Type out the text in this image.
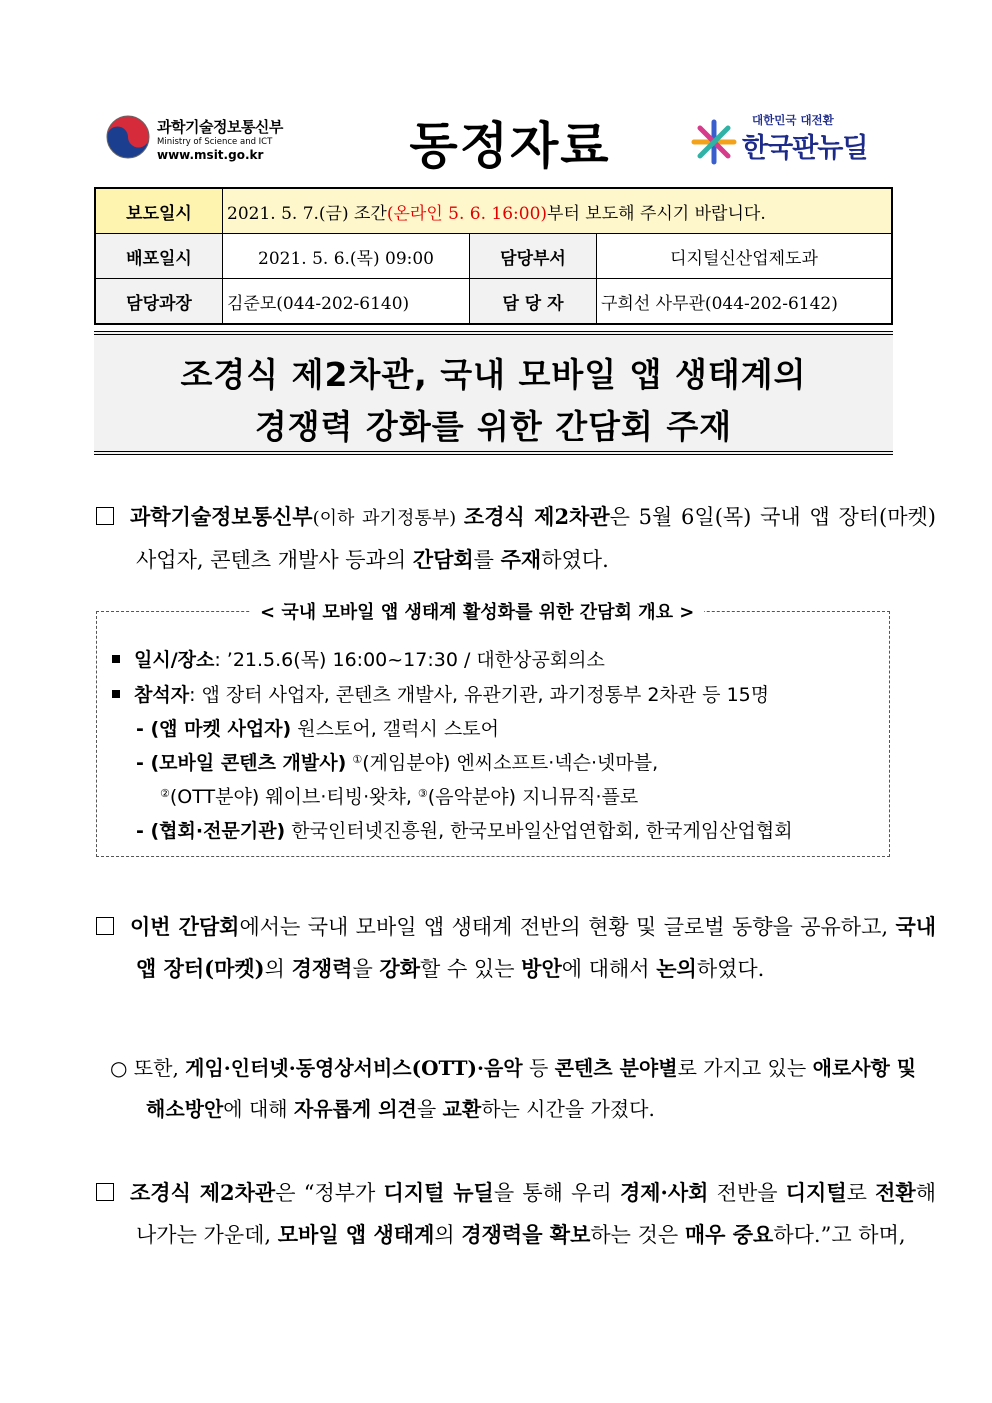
과학기술정보통신부
Ministry of Science and ICT
www.msit.go.kr	동정자료	대한민국 대전환
한국판뉴딜
보도일시	2021. 5. 7.(금) 조간(온라인 5. 6. 16:00)부터 보도해 주시기 바랍니다.		
배포일시	2021. 5. 6.(목) 09:00	담당부서	디지털신산업제도과
담당과장	김준모(044-202-6140)	담 당 자	구희선 사무관(044-202-6142)
조경식 제2차관, 국내 모바일 앱 생태계의
경쟁력 강화를 위한 간담회 주재
과학기술정보통신부(이하 과기정통부) 조경식 제2차관은 5월 6일(목) 국내 앱 장터(마켓) 사업자, 콘텐츠 개발사 등과의 간담회를 주재하였다.
< 국내 모바일 앱 생태계 활성화를 위한 간담회 개요 >
일시/장소: ’21.5.6(목) 16:00~17:30 / 대한상공회의소
참석자: 앱 장터 사업자, 콘텐츠 개발사, 유관기관, 과기정통부 2차관 등 15명
- (앱 마켓 사업자) 원스토어, 갤럭시 스토어
- (모바일 콘텐츠 개발사) ①(게임분야) 엔씨소프트·넥슨·넷마블,
②(OTT분야) 웨이브·티빙·왓챠, ③(음악분야) 지니뮤직·플로
- (협회·전문기관) 한국인터넷진흥원, 한국모바일산업연합회, 한국게임산업협회
이번 간담회에서는 국내 모바일 앱 생태계 전반의 현황 및 글로벌 동향을 공유하고, 국내 앱 장터(마켓)의 경쟁력을 강화할 수 있는 방안에 대해서 논의하였다.
○ 또한, 게임·인터넷·동영상서비스(OTT)·음악 등 콘텐츠 분야별로 가지고 있는 애로사항 및 해소방안에 대해 자유롭게 의견을 교환하는 시간을 가졌다.
조경식 제2차관은 “정부가 디지털 뉴딜을 통해 우리 경제·사회 전반을 디지털로 전환해 나가는 가운데, 모바일 앱 생태계의 경쟁력을 확보하는 것은 매우 중요하다.”고 하며,
